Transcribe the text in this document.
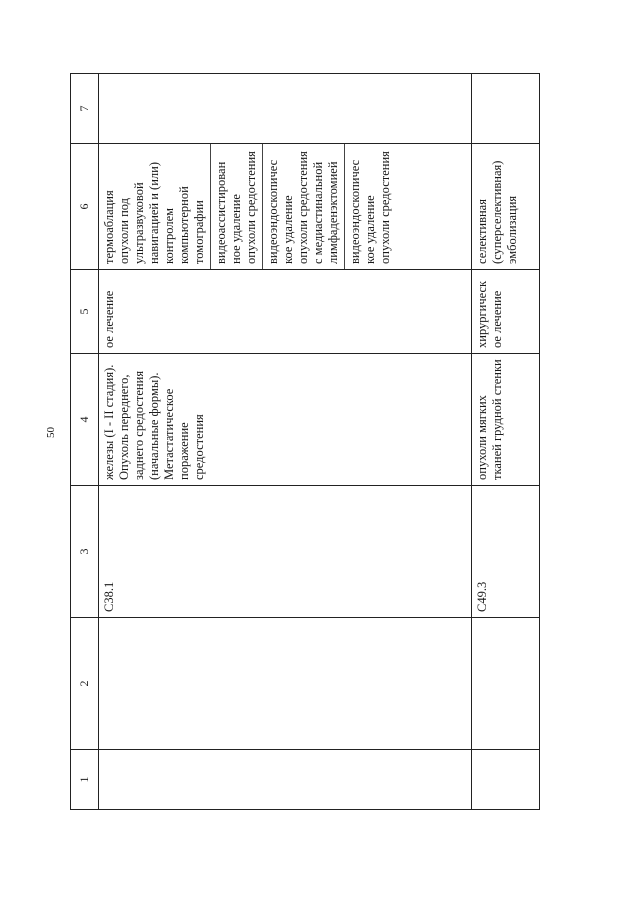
50
1	2	3	4	5	6	7
		C38.1	железы (I - II стадия). Опухоль переднего, заднего средостения (начальные формы). Метастатическое поражение средостения	ое лечение	термоаблация опухоли под ультразвуковой навигацией и (или) контролем компьютерной томографии видеоассистирован ное удаление опухоли средостения видеоэндоскопичес кое удаление опухоли средостения с медиастинальной лимфаденэктомией видеоэндоскопичес кое удаление опухоли средостения	

		C49.3	опухоли мягких тканей грудной стенки	хирургическ ое лечение	селективная (суперселективная) эмболизация	
